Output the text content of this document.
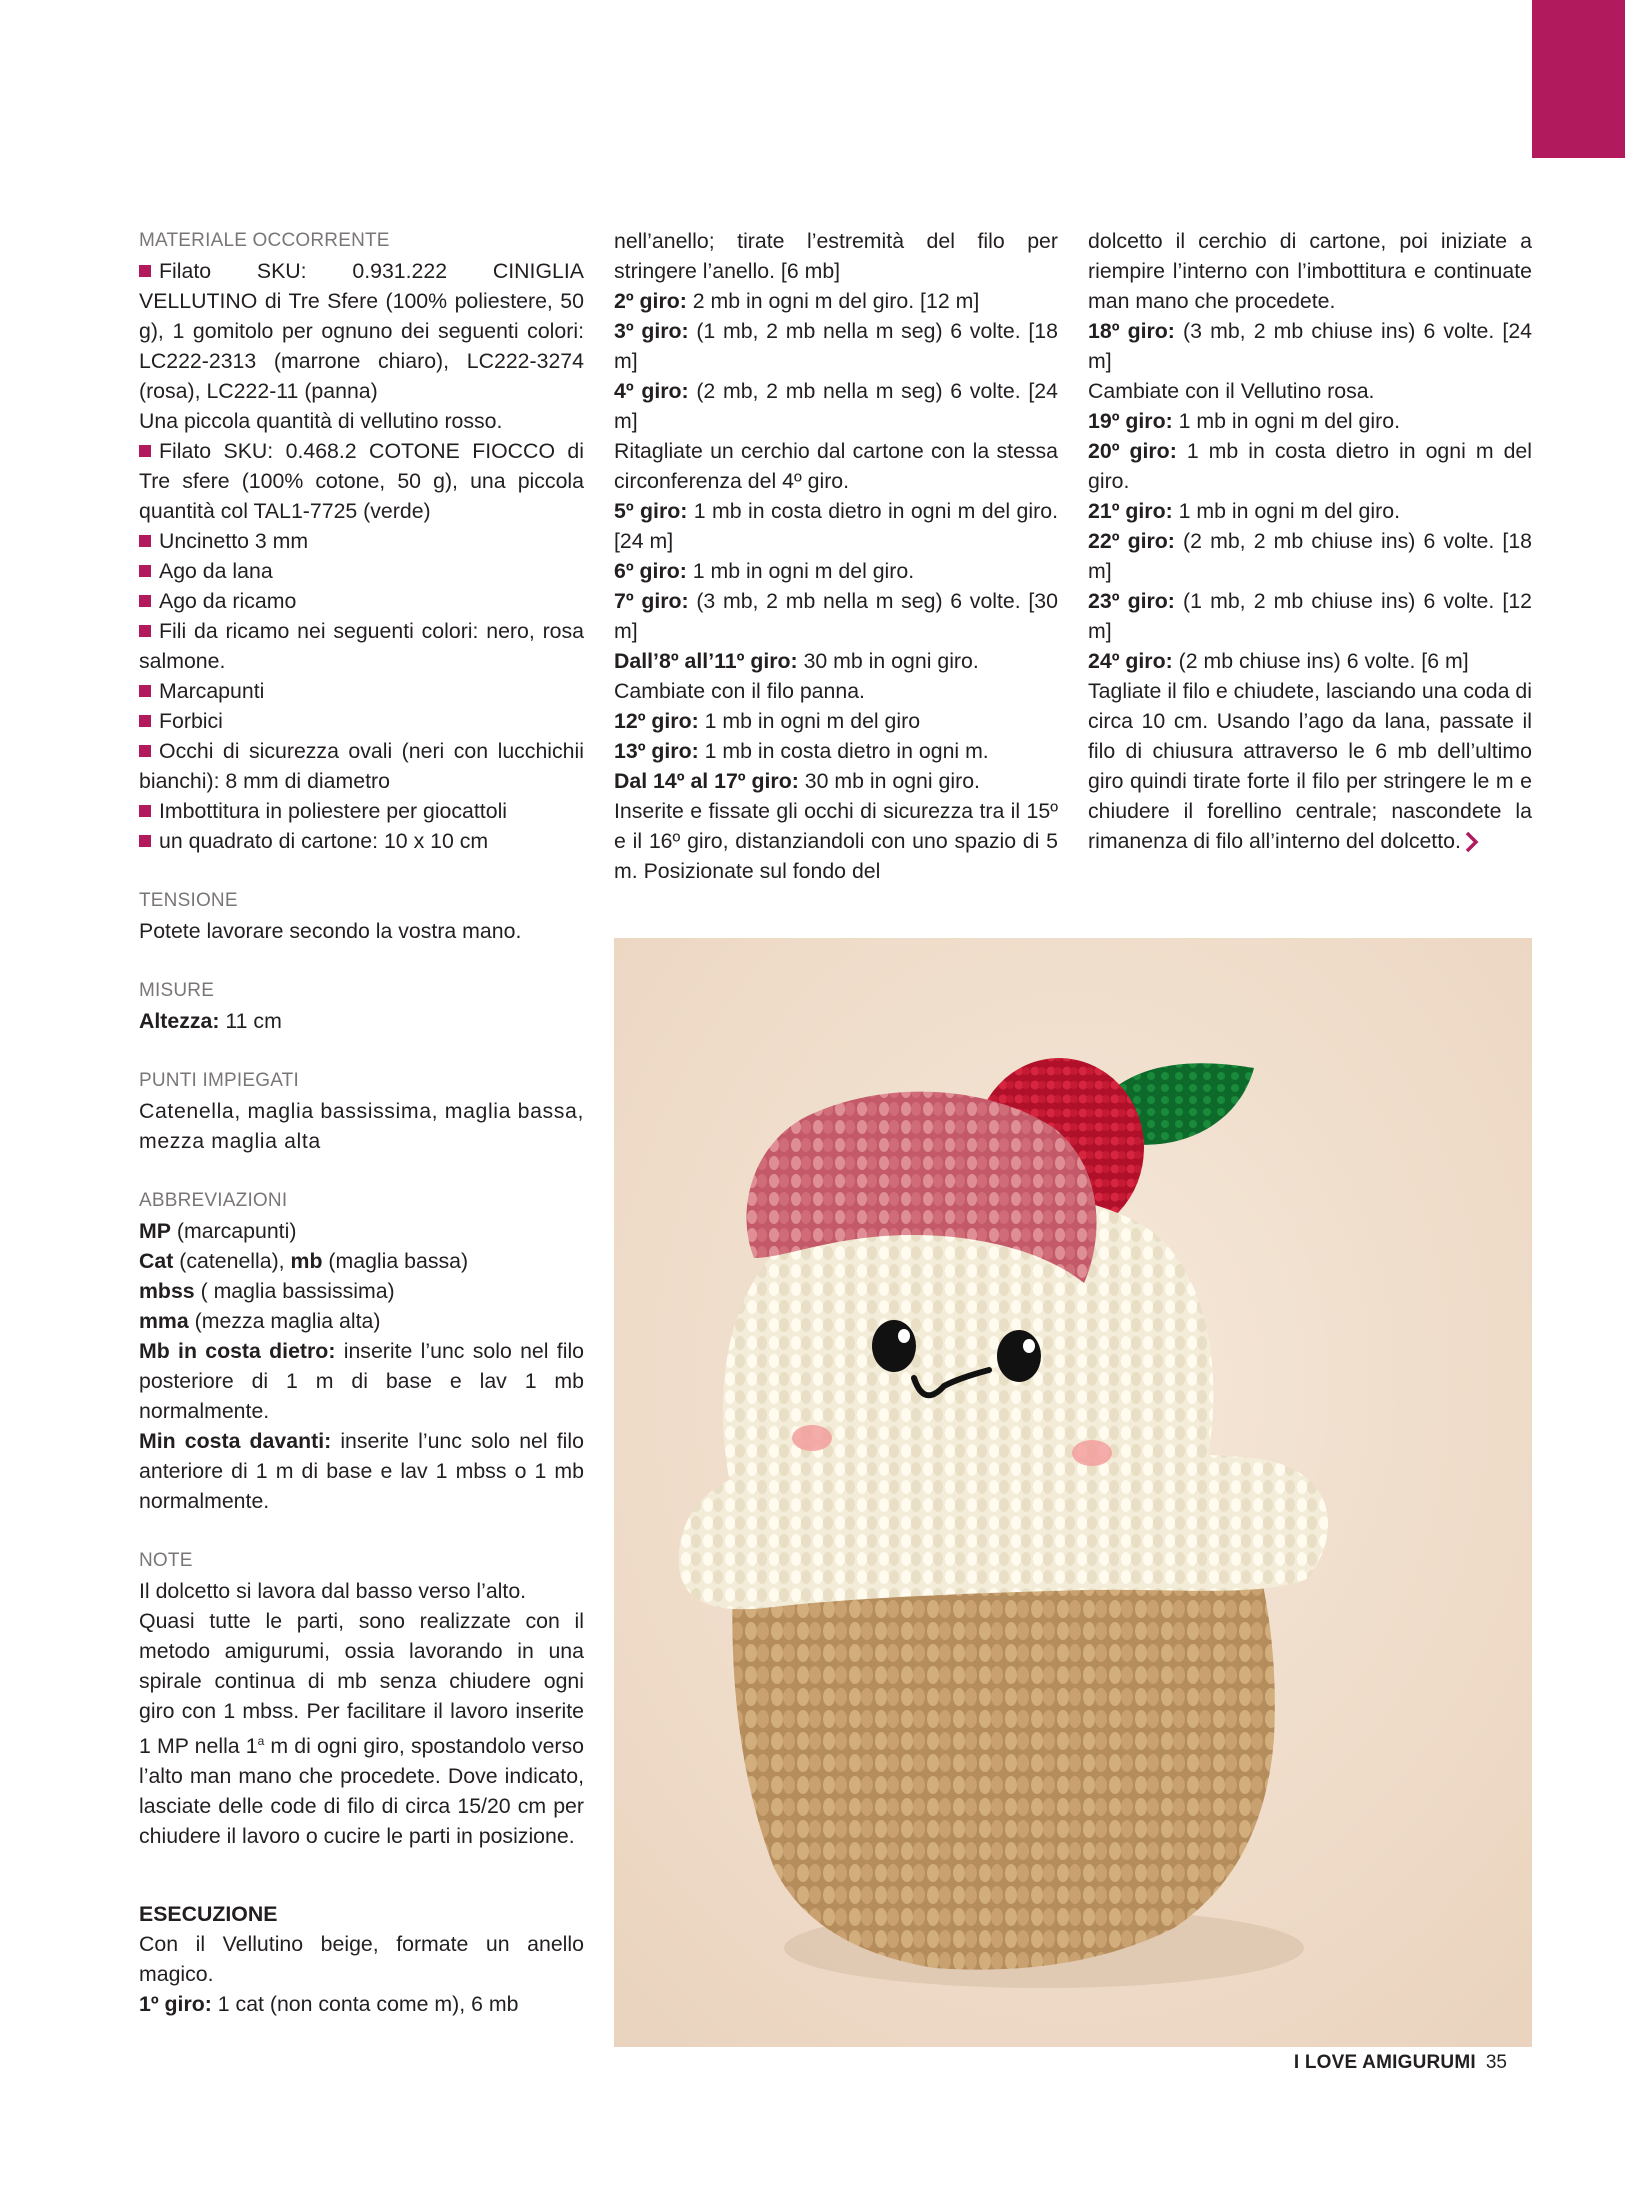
MATERIALE OCCORRENTE

Filato SKU: 0.931.222 CINIGLIA VELLUTINO di Tre Sfere (100% poliestere, 50 g), 1 gomitolo per ognuno dei seguenti colori: LC222-2313 (marrone chiaro), LC222-3274 (rosa), LC222-11 (panna)

Una piccola quantità di vellutino rosso.

Filato SKU: 0.468.2 COTONE FIOCCO di Tre sfere (100% cotone, 50 g), una piccola quantità col TAL1-7725 (verde)

Uncinetto 3 mm

Ago da lana

Ago da ricamo

Fili da ricamo nei seguenti colori: nero, rosa salmone.

Marcapunti

Forbici

Occhi di sicurezza ovali (neri con lucchichii bianchi): 8 mm di diametro

Imbottitura in poliestere per giocattoli

un quadrato di cartone: 10 x 10 cm

TENSIONE

Potete lavorare secondo la vostra mano.

MISURE

Altezza: 11 cm

PUNTI IMPIEGATI

Catenella, maglia bassissima, maglia bassa, mezza maglia alta

ABBREVIAZIONI

MP (marcapunti)

Cat (catenella), mb (maglia bassa)

mbss ( maglia bassissima)

mma (mezza maglia alta)

Mb in costa dietro: inserite l’unc solo nel filo posteriore di 1 m di base e lav 1 mb normalmente.

Min costa davanti: inserite l’unc solo nel filo anteriore di 1 m di base e lav 1 mbss o 1 mb normalmente.

NOTE

Il dolcetto si lavora dal basso verso l’alto.

Quasi tutte le parti, sono realizzate con il metodo amigurumi, ossia lavorando in una spirale continua di mb senza chiudere ogni giro con 1 mbss. Per facilitare il lavoro inserite 1 MP nella 1$^a$ m di ogni giro, spostandolo verso l’alto man mano che procedete. Dove indicato, lasciate delle code di filo di circa 15/20 cm per chiudere il lavoro o cucire le parti in posizione.

ESECUZIONE

Con il Vellutino beige, formate un anello magico.

1º giro: 1 cat (non conta come m), 6 mb

nell’anello; tirate l’estremità del filo per stringere l’anello. [6 mb]

2º giro: 2 mb in ogni m del giro. [12 m]

3º giro: (1 mb, 2 mb nella m seg) 6 volte. [18 m]

4º giro: (2 mb, 2 mb nella m seg) 6 volte. [24 m]

Ritagliate un cerchio dal cartone con la stessa circonferenza del 4º giro.

5º giro: 1 mb in costa dietro in ogni m del giro. [24 m]

6º giro: 1 mb in ogni m del giro.

7º giro: (3 mb, 2 mb nella m seg) 6 volte. [30 m]

Dall’8º all’11º giro: 30 mb in ogni giro.

Cambiate con il filo panna.

12º giro: 1 mb in ogni m del giro

13º giro: 1 mb in costa dietro in ogni m.

Dal 14º al 17º giro: 30 mb in ogni giro.

Inserite e fissate gli occhi di sicurezza tra il 15º e il 16º giro, distanziandoli con uno spazio di 5 m. Posizionate sul fondo del

dolcetto il cerchio di cartone, poi iniziate a riempire l’interno con l’imbottitura e continuate man mano che procedete.

18º giro: (3 mb, 2 mb chiuse ins) 6 volte. [24 m]

Cambiate con il Vellutino rosa.

19º giro: 1 mb in ogni m del giro.

20º giro: 1 mb in costa dietro in ogni m del giro.

21º giro: 1 mb in ogni m del giro.

22º giro: (2 mb, 2 mb chiuse ins) 6 volte. [18 m]

23º giro: (1 mb, 2 mb chiuse ins) 6 volte. [12 m]

24º giro: (2 mb chiuse ins) 6 volte. [6 m]

Tagliate il filo e chiudete, lasciando una coda di circa 10 cm. Usando l’ago da lana, passate il filo di chiusura attraverso le 6 mb dell’ultimo giro quindi tirate forte il filo per stringere le m e chiudere il forellino centrale; nascondete la rimanenza di filo all’interno del dolcetto.

I LOVE AMIGURUMI 35
